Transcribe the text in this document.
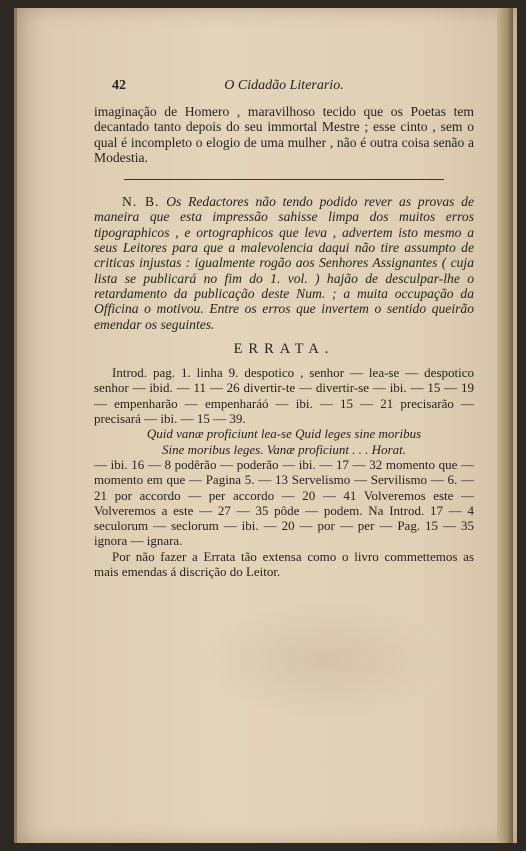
42	O Cidadão Literario.

imaginação de Homero , maravilhoso tecido que os Poetas tem decantado tanto depois do seu immortal Mestre ; esse cinto , sem o qual é incompleto o elogio de uma mulher , não é outra coisa senão a Modestia.

N. B. Os Redactores não tendo podido rever as provas de maneira que esta impressão sahisse limpa dos muitos erros tipographicos , e ortographicos que leva , advertem isto mesmo a seus Leitores para que a malevolencia daqui não tire assumpto de criticas injustas : igualmente rogão aos Senhores Assignantes ( cuja lista se publicará no fim do 1. vol. ) hajão de desculpar-lhe o retardamento da publicação deste Num. ; a muita occupação da Officina o motivou. Entre os erros que invertem o sentido queirão emendar os seguintes.

ERRATA.

Introd. pag. 1. linha 9. despotico , senhor — lea-se — despotico senhor — ibid. — 11 — 26 divertir-te — divertir-se — ibi. — 15 — 19 — empenharão — empenharáó — ibi. — 15 — 21 precisarão — precisará — ibi. — 15 — 39.

Quid vanæ proficiunt lea-se Quid leges sine moribus

Sine moribus leges. Vanæ proficiunt . . . Horat.

— ibi. 16 — 8 podêrão — poderão — ibi. — 17 — 32 momento que — momento em que — Pagina 5. — 13 Servelismo — Servilismo — 6. — 21 por accordo — per accordo — 20 — 41 Volveremos este — Volveremos a este — 27 — 35 pôde — podem. Na Introd. 17 — 4 seculorum — seclorum — ibi. — 20 — por — per — Pag. 15 — 35 ignora — ignara.

Por não fazer a Errata tão extensa como o livro commettemos as mais emendas á discrição do Leitor.
